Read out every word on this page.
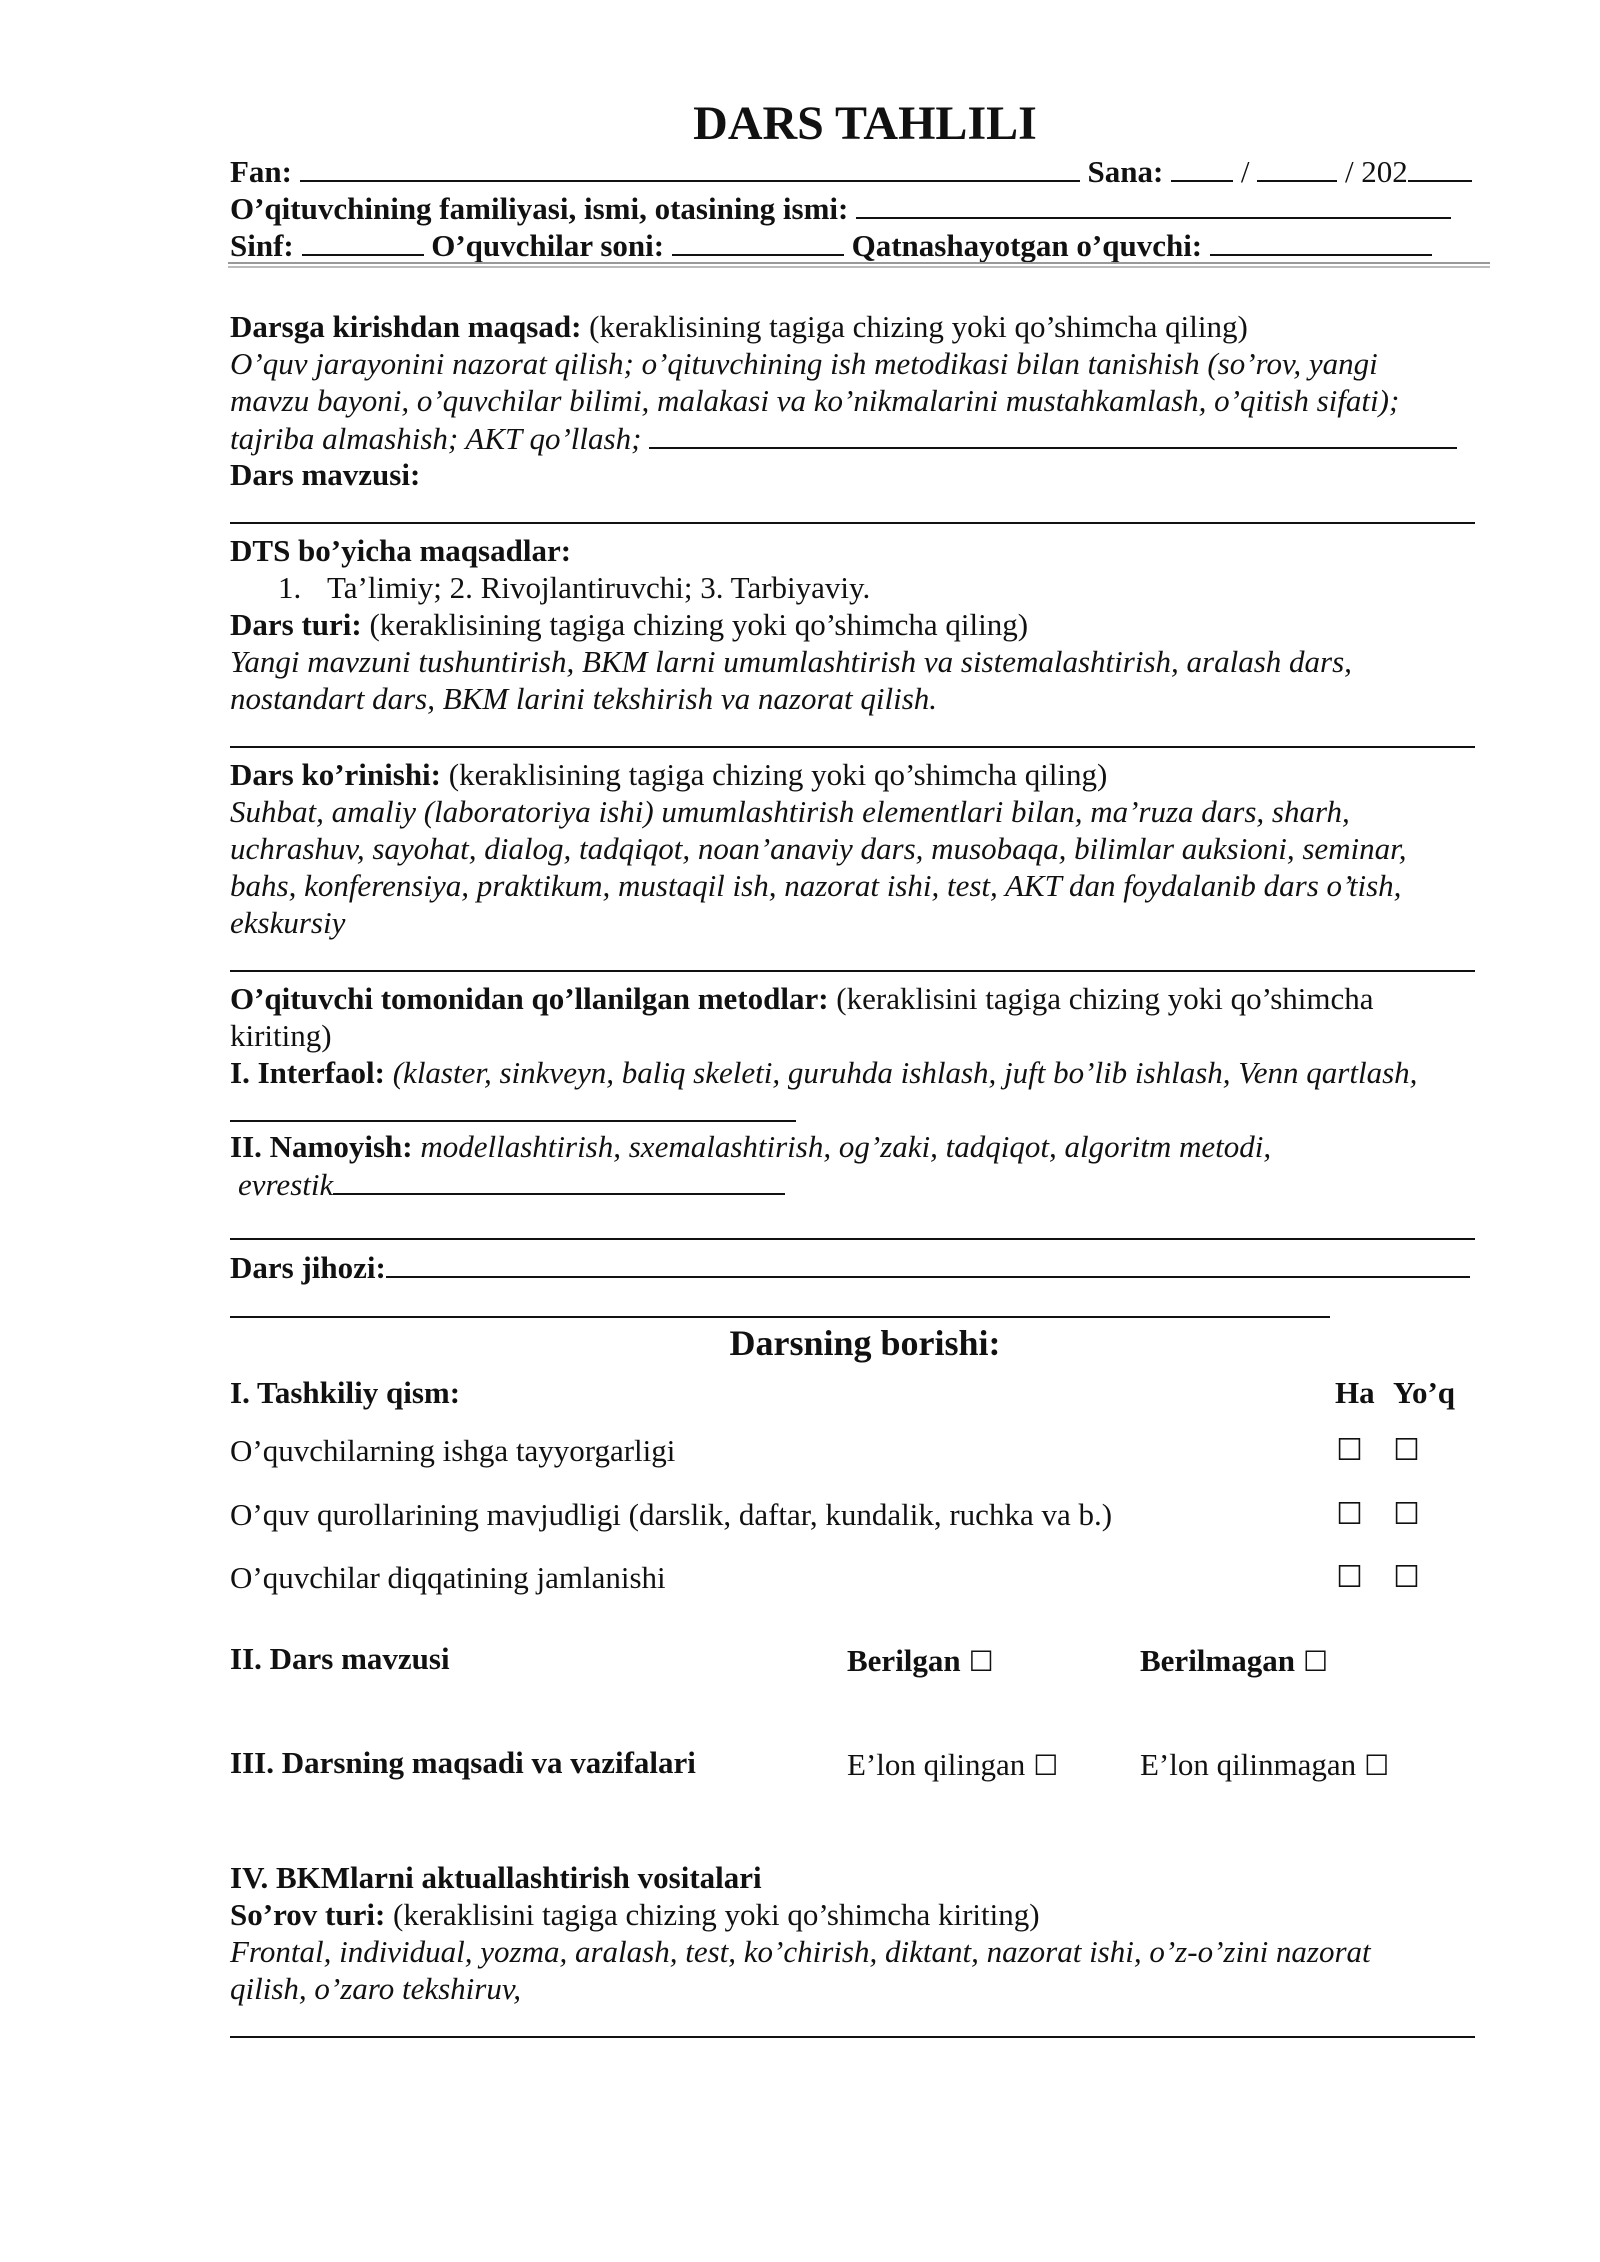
DARS TAHLILI
Fan:	Sana:	/	/ 202
O’qituvchining familiyasi, ismi, otasining ismi:
Sinf:	O’quvchilar soni:	Qatnashayotgan o’quvchi:
Darsga kirishdan maqsad: (keraklisining tagiga chizing yoki qo’shimcha qiling)
O’quv jarayonini nazorat qilish; o’qituvchining ish metodikasi bilan tanishish (so’rov, yangi
mavzu bayoni, o’quvchilar bilimi, malakasi va ko’nikmalarini mustahkamlash, o’qitish sifati);
tajriba almashish; AKT qo’llash;
Dars mavzusi:
DTS bo’yicha maqsadlar:
1. Ta’limiy; 2. Rivojlantiruvchi; 3. Tarbiyaviy.
Dars turi: (keraklisining tagiga chizing yoki qo’shimcha qiling)
Yangi mavzuni tushuntirish, BKM larni umumlashtirish va sistemalashtirish, aralash dars,
nostandart dars, BKM larini tekshirish va nazorat qilish.
Dars ko’rinishi: (keraklisining tagiga chizing yoki qo’shimcha qiling)
Suhbat, amaliy (laboratoriya ishi) umumlashtirish elementlari bilan, ma’ruza dars, sharh,
uchrashuv, sayohat, dialog, tadqiqot, noan’anaviy dars, musobaqa, bilimlar auksioni, seminar,
bahs, konferensiya, praktikum, mustaqil ish, nazorat ishi, test, AKT dan foydalanib dars o’tish,
ekskursiy
O’qituvchi tomonidan qo’llanilgan metodlar: (keraklisini tagiga chizing yoki qo’shimcha
kiriting)
I. Interfaol: (klaster, sinkveyn, baliq skeleti, guruhda ishlash, juft bo’lib ishlash, Venn qartlash,
II. Namoyish: modellashtirish, sxemalashtirish, og’zaki, tadqiqot, algoritm metodi,
evrestik
Dars jihozi:
Darsning borishi:
I. Tashkiliy qism:	Ha Yo’q
O’quvchilarning ishga tayyorgarligi	☐ ☐
O’quv qurollarining mavjudligi (darslik, daftar, kundalik, ruchka va b.)	☐ ☐
O’quvchilar diqqatining jamlanishi	☐ ☐
II. Dars mavzusi	Berilgan ☐	Berilmagan ☐
III. Darsning maqsadi va vazifalari	E’lon qilingan ☐	E’lon qilinmagan ☐
IV. BKMlarni aktuallashtirish vositalari
So’rov turi: (keraklisini tagiga chizing yoki qo’shimcha kiriting)
Frontal, individual, yozma, aralash, test, ko’chirish, diktant, nazorat ishi, o’z-o’zini nazorat
qilish, o’zaro tekshiruv,
